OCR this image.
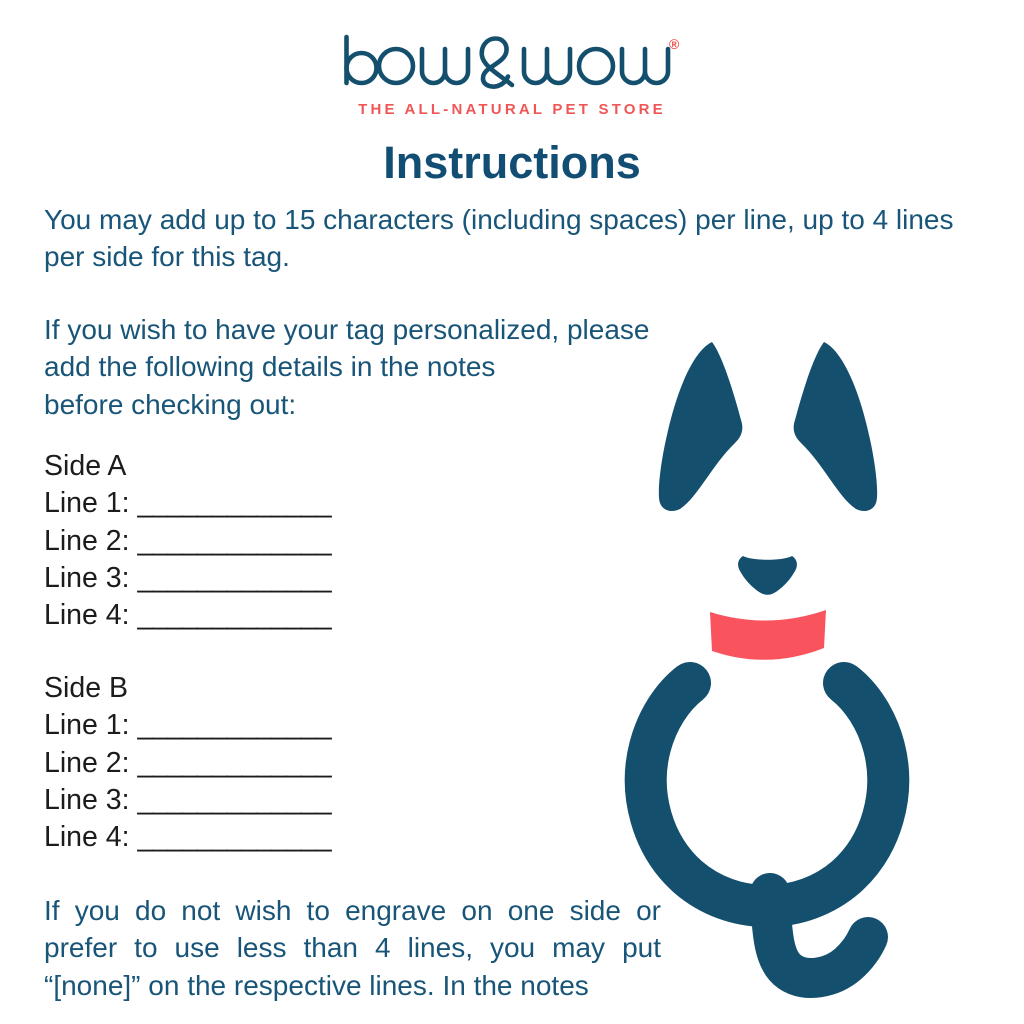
®
THE ALL-NATURAL PET STORE
Instructions
You may add up to 15 characters (including spaces) per line, up to 4 lines
per side for this tag.
If you wish to have your tag personalized, please
add the following details in the notes
before checking out:
Side A
Line 1: _____________
Line 2: _____________
Line 3: _____________
Line 4: _____________
Side B
Line 1: _____________
Line 2: _____________
Line 3: _____________
Line 4: _____________
If you do not wish to engrave on one side or
prefer to use less than 4 lines, you may put
“[none]” on the respective lines. In the notes
